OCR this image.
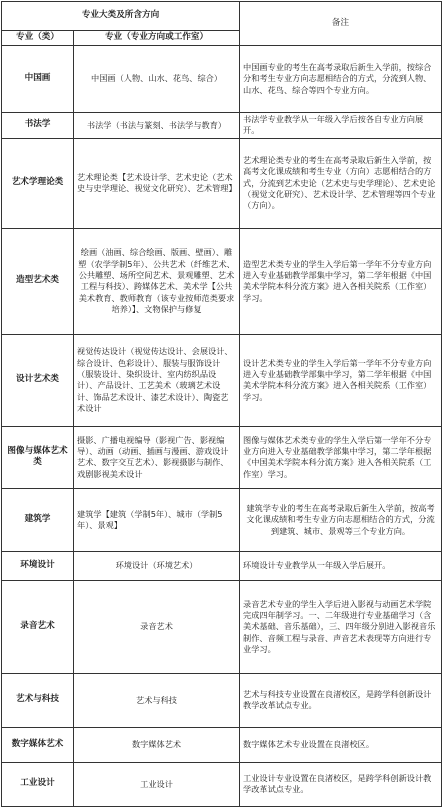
专业大类及所含方向		备注
专业（类）	专业（专业方向或工作室）	
中国画	中国画（人物、山水、花鸟、综合）	中国画专业的考生在高考录取后新生入学前，按综合分和考生专业方向志愿相结合的方式，分流到人物、山水、花鸟、综合等四个专业方向。
书法学	书法学（书法与篆刻、书法学与教育）	书法学专业教学从一年级入学后按各自专业方向展开。
艺术学理论类	艺术理论类【艺术设计学、艺术史论（艺术史与史学理论、视觉文化研究）、艺术管理】	艺术理论类专业的考生在高考录取后新生入学前，按高考文化课成绩和考生专业（方向）志愿相结合的方式，分流到艺术史论（艺术史与史学理论）、艺术史论（视觉文化研究）、艺术设计学、艺术管理等四个专业（方向）。
造型艺术类	绘画（油画、综合绘画、版画、壁画）、雕塑（农学学制5年）、公共艺术（纤维艺术、公共雕塑、场所空间艺术、景观雕塑、艺术工程与科技）、跨媒体艺术、美术学【公共美术教育、教师教育（该专业按师范类要求培养）】、文物保护与修复	造型艺术类专业的学生入学后第一学年不分专业方向进入专业基础教学部集中学习，第二学年根据《中国美术学院本科分流方案》进入各相关院系（工作室）学习。
设计艺术类	视觉传达设计（视觉传达设计、会展设计、综合设计、色彩设计）、服装与服饰设计（服装设计、染织设计、室内纺织品设计）、产品设计、工艺美术（玻璃艺术设计、饰品艺术设计、漆艺术设计）、陶瓷艺术设计	设计艺术类专业的学生入学后第一学年不分专业方向进入专业基础教学部集中学习，第二学年根据《中国美术学院本科分流方案》进入各相关院系（工作室）学习。
图像与媒体艺术类	摄影、广播电视编导（影视广告、影视编导）、动画（动画、插画与漫画、游戏设计艺术、数字交互艺术）、影视摄影与制作、戏剧影视美术设计	图像与媒体艺术类专业的学生入学后第一学年不分专业方向进入专业基础教学部集中学习，第二学年根据《中国美术学院本科分流方案》进入各相关院系（工作室）学习。
建筑学	建筑学【建筑（学制5年）、城市（学制5年）、景观】	建筑学专业的考生在高考录取后新生入学前，按高考文化课成绩和考生专业方向志愿相结合的方式，分流到建筑、城市、景观等三个专业方向。
环境设计	环境设计（环境艺术）	环境设计专业教学从一年级入学后展开。
录音艺术	录音艺术	录音艺术专业的学生入学后进入影视与动画艺术学院完成四年制学习。一、二年级进行专业基础学习（含美术基础、音乐基础），三、四年级分别进入影视音乐制作、音频工程与录音、声音艺术表现等方向进行专业学习。
艺术与科技	艺术与科技	艺术与科技专业设置在良渚校区，是跨学科创新设计教学改革试点专业。
数字媒体艺术	数字媒体艺术	数字媒体艺术专业设置在良渚校区。
工业设计	工业设计	工业设计专业设置在良渚校区，是跨学科创新设计教学改革试点专业。
